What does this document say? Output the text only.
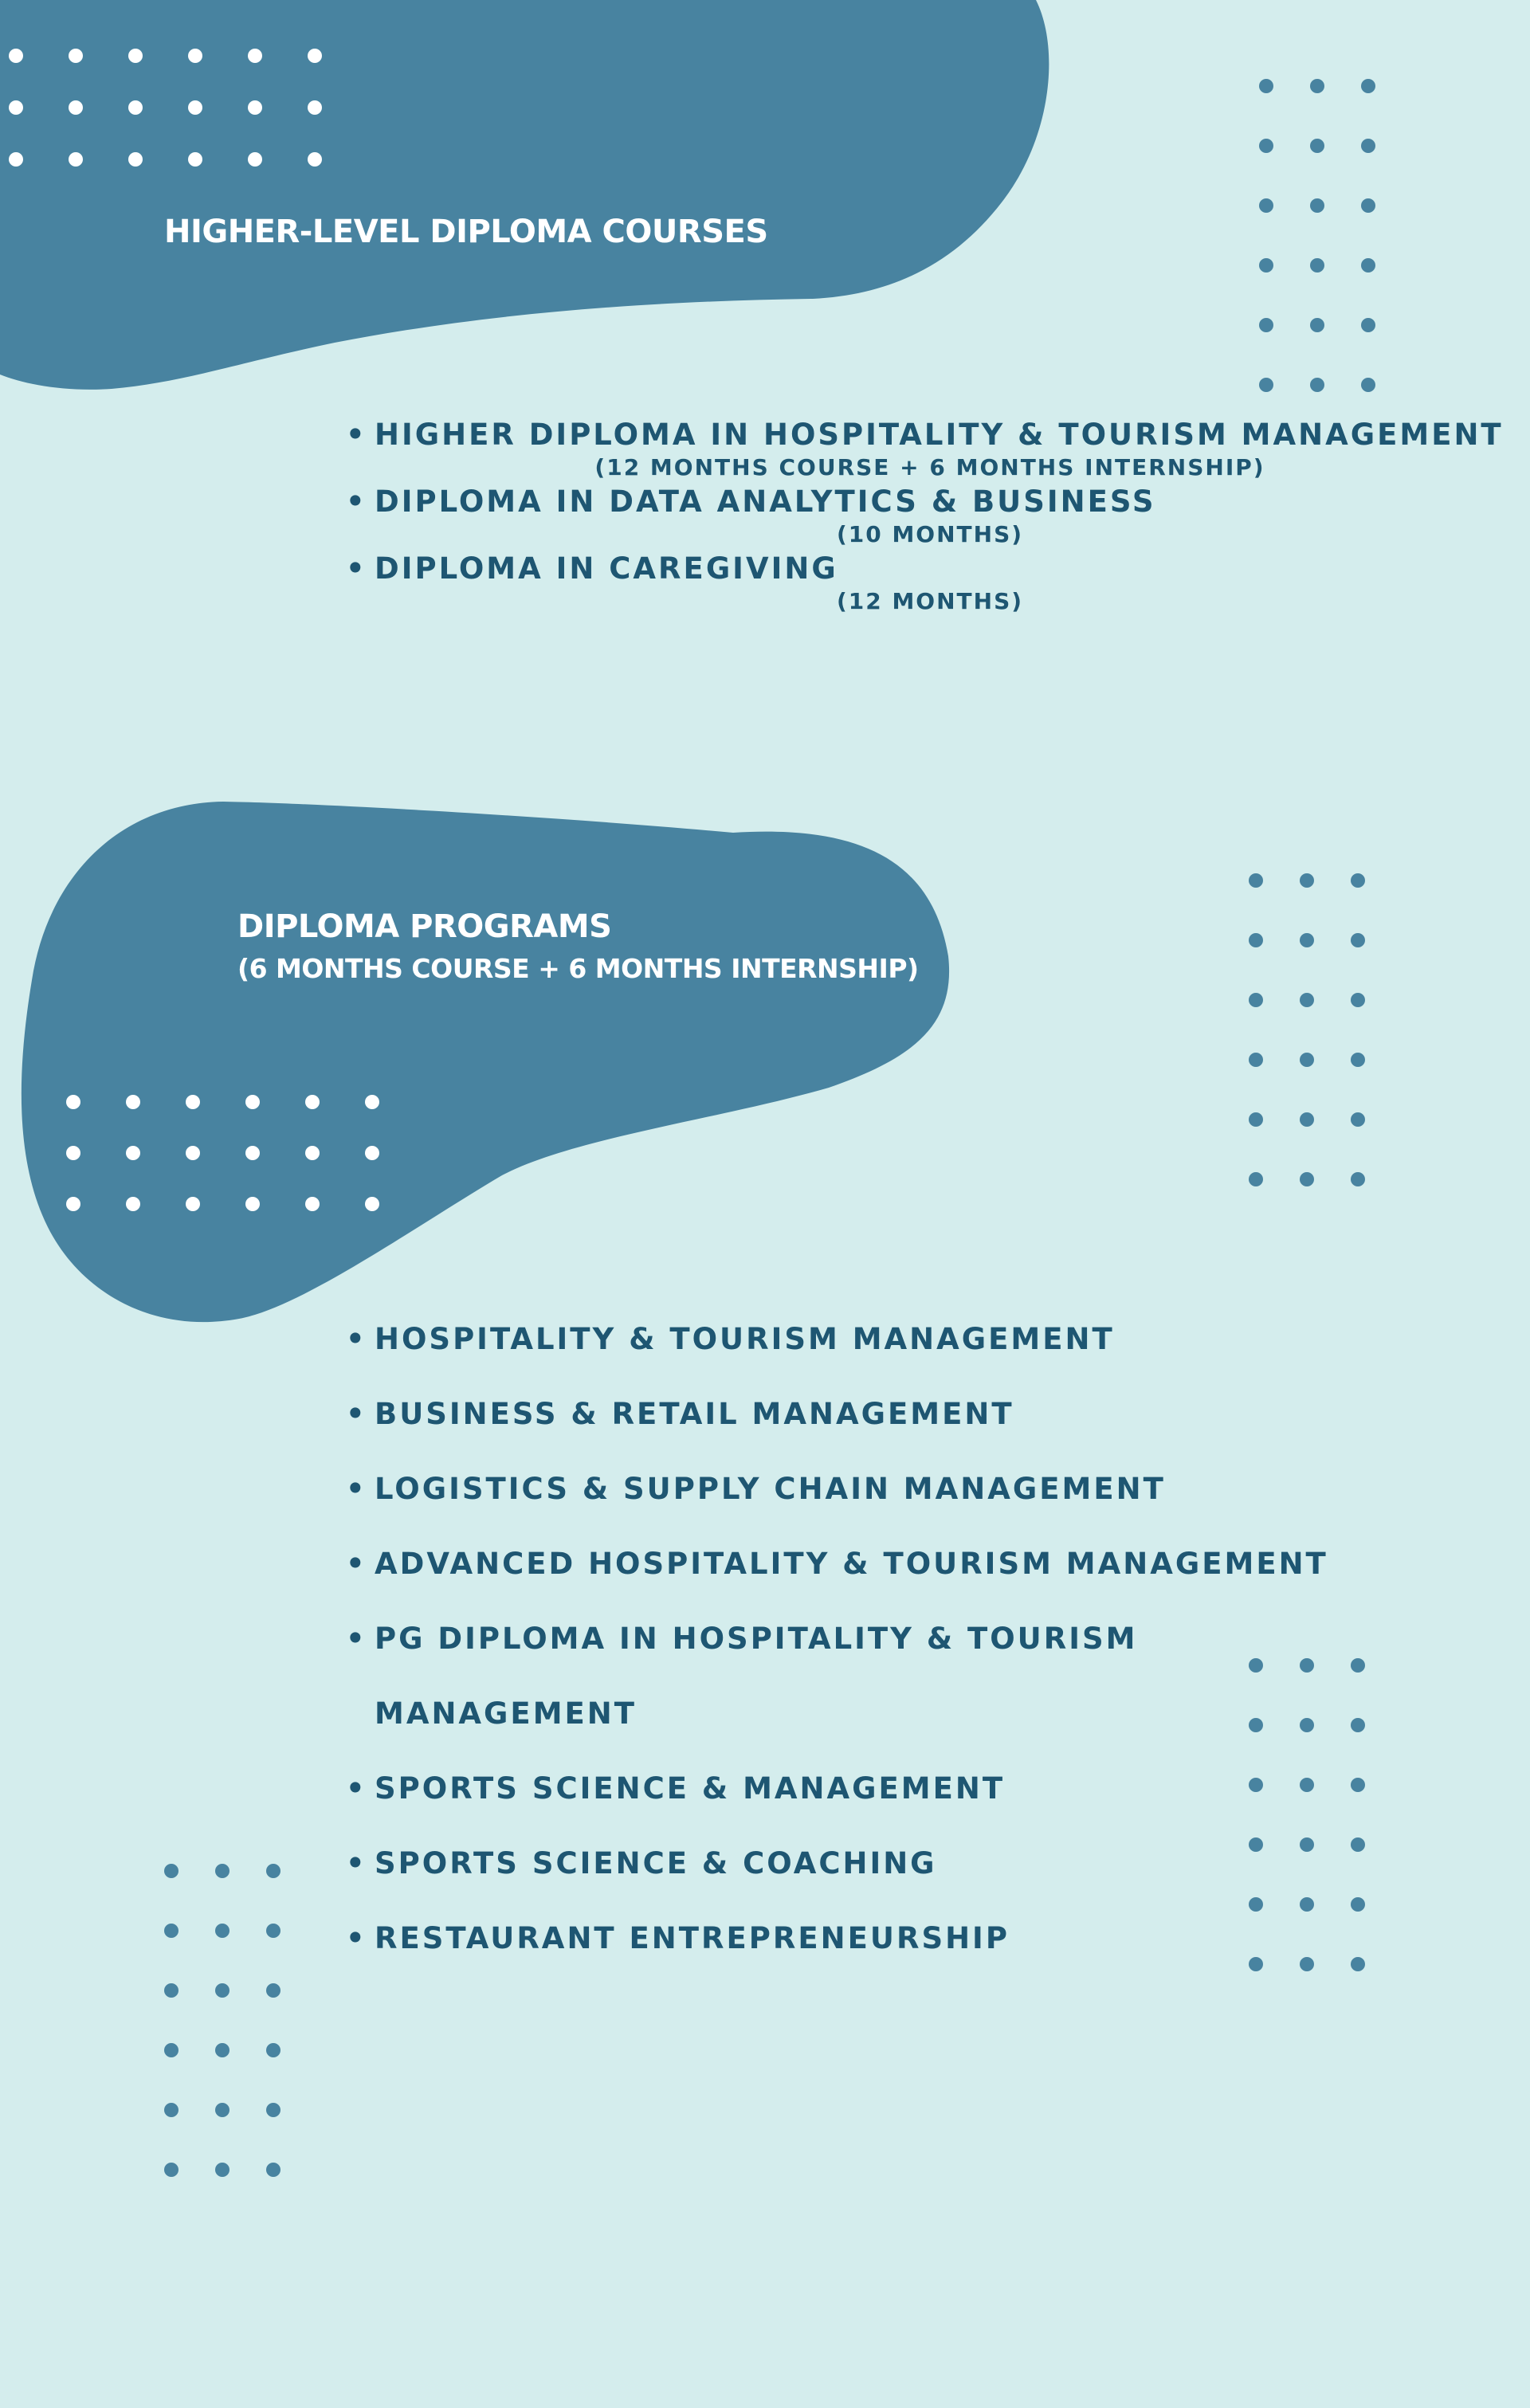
HIGHER-LEVEL DIPLOMA COURSES
• HIGHER DIPLOMA IN HOSPITALITY & TOURISM MANAGEMENT
(12 MONTHS COURSE + 6 MONTHS INTERNSHIP)
• DIPLOMA IN DATA ANALYTICS & BUSINESS
(10 MONTHS)
• DIPLOMA IN CAREGIVING
(12 MONTHS)
DIPLOMA PROGRAMS

(6 MONTHS COURSE + 6 MONTHS INTERNSHIP)

• HOSPITALITY & TOURISM MANAGEMENT
• BUSINESS & RETAIL MANAGEMENT
• LOGISTICS & SUPPLY CHAIN MANAGEMENT
• ADVANCED HOSPITALITY & TOURISM MANAGEMENT
• PG DIPLOMA IN HOSPITALITY & TOURISM MANAGEMENT
• SPORTS SCIENCE & MANAGEMENT
• SPORTS SCIENCE & COACHING
• RESTAURANT ENTREPRENEURSHIP
